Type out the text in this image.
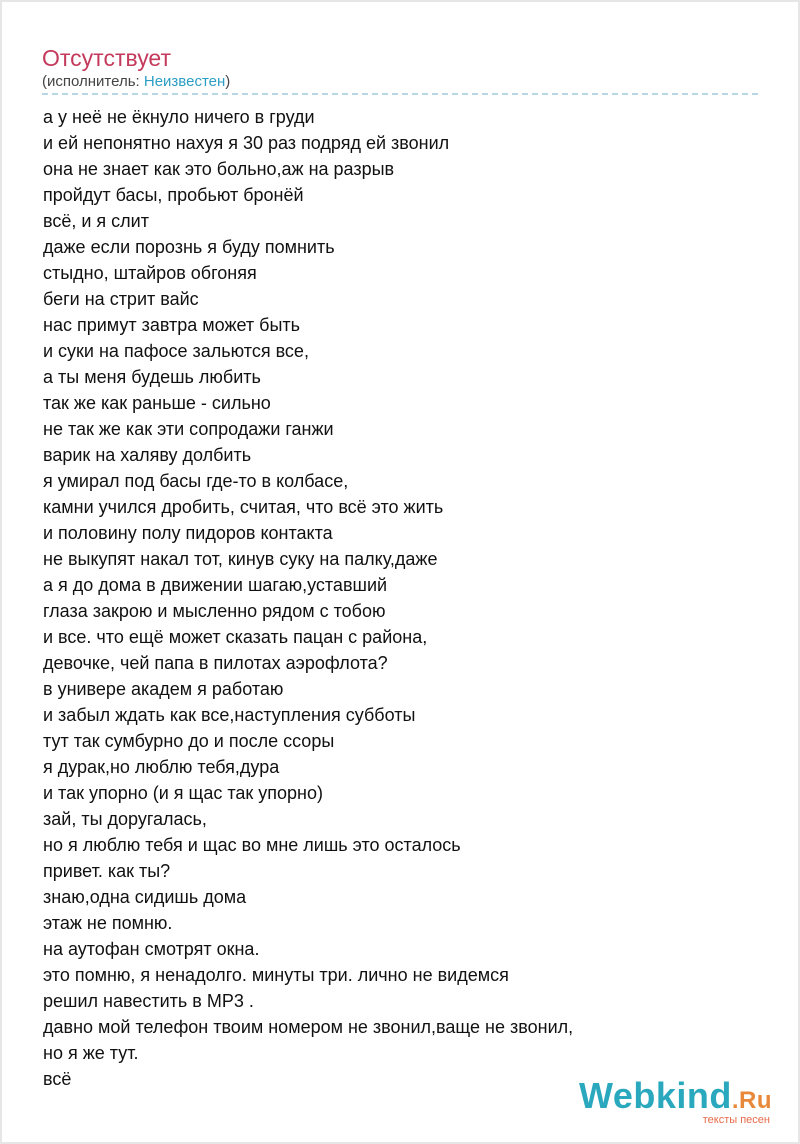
Отсутствует
(исполнитель: Неизвестен)
а у неё не ёкнуло ничего в груди
и ей непонятно нахуя я 30 раз подряд ей звонил
она не знает как это больно,аж на разрыв
пройдут басы, пробьют бронёй
всё, и я слит
даже если порознь я буду помнить
стыдно, штайров обгоняя
беги на стрит вайс
нас примут завтра может быть
и суки на пафосе зальются все,
а ты меня будешь любить
так же как раньше - сильно
не так же как эти сопродажи ганжи
варик на халяву долбить
я умирал под басы где-то в колбасе,
камни учился дробить, считая, что всё это жить
и половину полу пидоров контакта
не выкупят накал тот, кинув суку на палку,даже
а я до дома в движении шагаю,уставший
глаза закрою и мысленно рядом с тобою
и все. что ещё может сказать пацан с района,
девочке, чей папа в пилотах аэрофлота?
в универе академ я работаю
и забыл ждать как все,наступления субботы
тут так сумбурно до и после ссоры
я дурак,но люблю тебя,дура
и так упорно (и я щас так упорно)
зай, ты доругалась,
но я люблю тебя и щас во мне лишь это осталось
привет. как ты?
знаю,одна сидишь дома
этаж не помню.
на аутофан смотрят окна.
это помню, я ненадолго. минуты три. лично не видемся
решил навестить в MP3 .
давно мой телефон твоим номером не звонил,ваще не звонил,
но я же тут.
всё	Webkind.Ru
тексты песен
